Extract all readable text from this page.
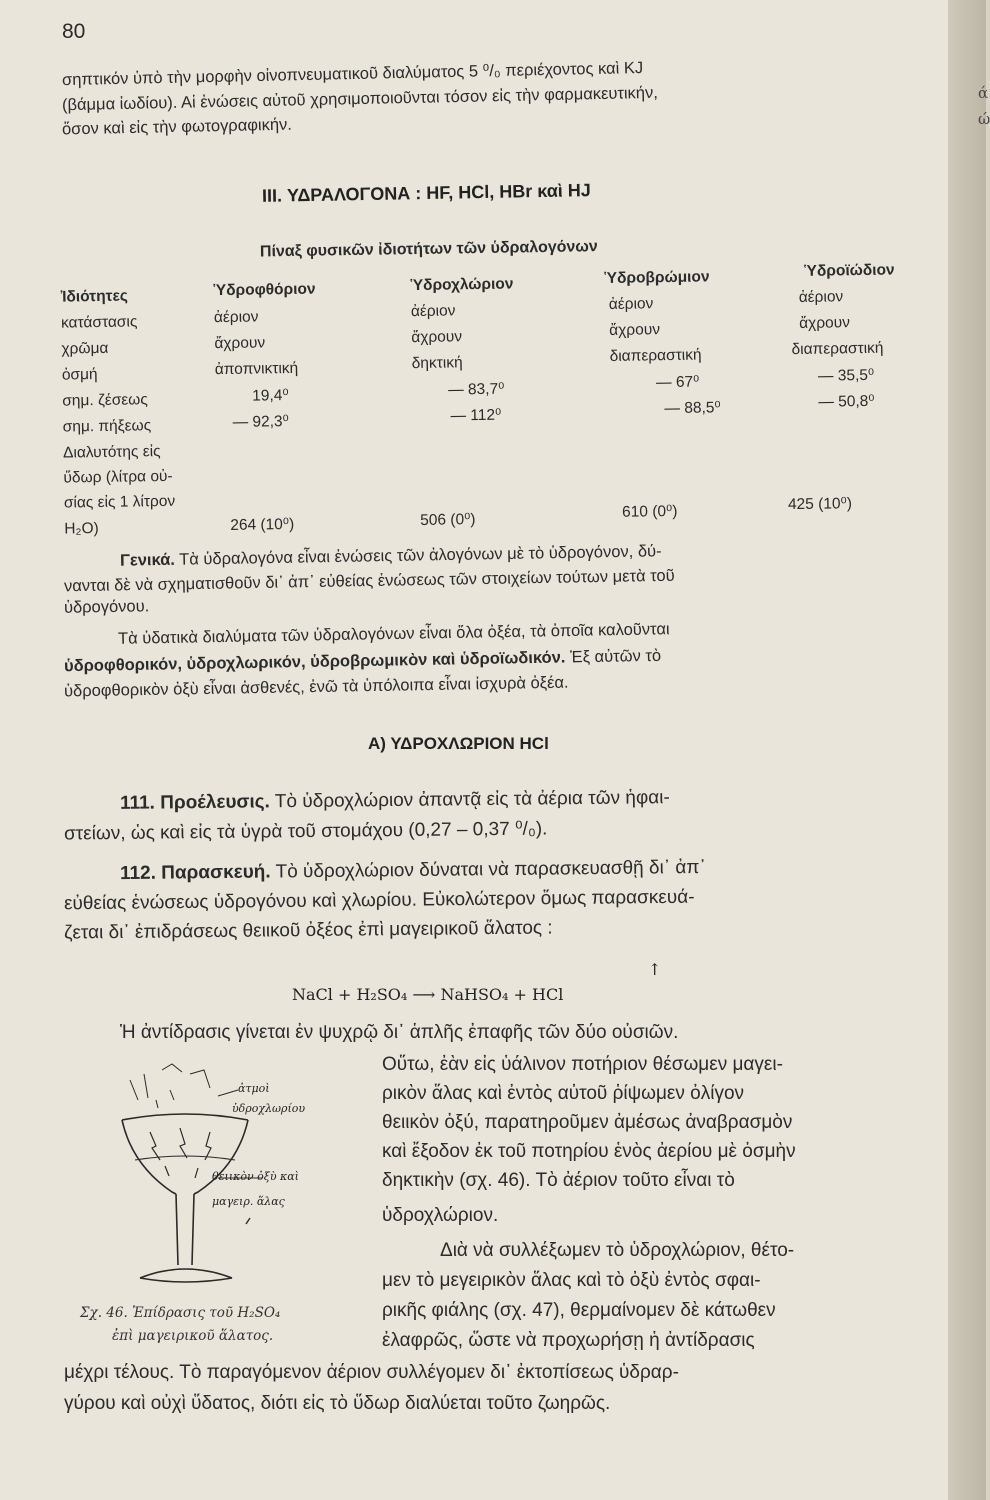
80
σηπτικόν ὑπὸ τὴν μορφὴν οἰνοπνευματικοῦ διαλύματος 5 ⁰/₀ περιέχοντος καὶ KJ
(βάμμα ἰωδίου). Αἱ ἐνώσεις αὐτοῦ χρησιμοποιοῦνται τόσον εἰς τὴν φαρμακευτικήν,
ὅσον καὶ εἰς τὴν φωτογραφικήν.
III. ΥΔΡΑΛΟΓΟΝΑ : HF, HCl, HBr καὶ HJ
Πίναξ φυσικῶν ἰδιοτήτων τῶν ὑδραλογόνων
Ἰδιότητες	Ὑδροφθόριον	Ὑδροχλώριον	Ὑδροβρώμιον	Ὑδροϊώδιον
κατάστασις	ἀέριον	ἀέριον	ἀέριον	ἀέριον
χρῶμα	ἄχρουν	ἄχρουν	ἄχρουν	ἄχρουν
ὀσμή	ἀποπνικτική	δηκτική	διαπεραστική	διαπεραστική
σημ. ζέσεως	19,4⁰	— 83,7⁰	— 67⁰	— 35,5⁰
σημ. πήξεως	— 92,3⁰	— 112⁰	— 88,5⁰	— 50,8⁰
Διαλυτότης εἰς
ὕδωρ (λίτρα οὐ-
σίας εἰς 1 λίτρον
H₂O)	264 (10⁰)	506 (0⁰)	610 (0⁰)	425 (10⁰)
Γενικά. Τὰ ὑδραλογόνα εἶναι ἐνώσεις τῶν ἀλογόνων μὲ τὸ ὑδρογόνον, δύ-
νανται δὲ νὰ σχηματισθοῦν δι᾽ ἀπ᾽ εὐθείας ἑνώσεως τῶν στοιχείων τούτων μετὰ τοῦ
ὑδρογόνου.
Τὰ ὑδατικὰ διαλύματα τῶν ὑδραλογόνων εἶναι ὅλα ὀξέα, τὰ ὁποῖα καλοῦνται
ὑδροφθορικόν, ὑδροχλωρικόν, ὑδροβρωμικὸν καὶ ὑδροϊωδικόν. Ἐξ αὐτῶν τὸ
ὑδροφθορικὸν ὀξὺ εἶναι ἀσθενές, ἐνῶ τὰ ὑπόλοιπα εἶναι ἰσχυρὰ ὀξέα.
Α) ΥΔΡΟΧΛΩΡΙΟΝ HCl
111. Προέλευσις. Τὸ ὑδροχλώριον ἀπαντᾷ εἰς τὰ ἀέρια τῶν ἡφαι-
στείων, ὡς καὶ εἰς τὰ ὑγρὰ τοῦ στομάχου (0,27 – 0,37 ⁰/₀).
112. Παρασκευή. Τὸ ὑδροχλώριον δύναται νὰ παρασκευασθῇ δι᾽ ἀπ᾽
εὐθείας ἑνώσεως ὑδρογόνου καὶ χλωρίου. Εὐκολώτερον ὅμως παρασκευά-
ζεται δι᾽ ἐπιδράσεως θειικοῦ ὀξέος ἐπὶ μαγειρικοῦ ἅλατος :
NaCl + H₂SO₄ ⟶ NaHSO₄ + HCl
↑
Ἡ ἀντίδρασις γίνεται ἐν ψυχρῷ δι᾽ ἁπλῆς ἐπαφῆς τῶν δύο οὐσιῶν.
Οὕτω, ἐὰν εἰς ὑάλινον ποτήριον θέσωμεν μαγει-
ρικὸν ἅλας καὶ ἐντὸς αὐτοῦ ῥίψωμεν ὀλίγον
θειικὸν ὀξύ, παρατηροῦμεν ἀμέσως ἀναβρασμὸν
καὶ ἔξοδον ἐκ τοῦ ποτηρίου ἑνὸς ἀερίου μὲ ὀσμὴν
δηκτικὴν (σχ. 46). Τὸ ἀέριον τοῦτο εἶναι τὸ
ὑδροχλώριον.
Διὰ νὰ συλλέξωμεν τὸ ὑδροχλώριον, θέτο-
μεν τὸ μεγειρικὸν ἅλας καὶ τὸ ὀξὺ ἐντὸς σφαι-
ρικῆς φιάλης (σχ. 47), θερμαίνομεν δὲ κάτωθεν
ἐλαφρῶς, ὥστε νὰ προχωρήσῃ ἡ ἀντίδρασις
μέχρι τέλους. Τὸ παραγόμενον ἀέριον συλλέγομεν δι᾽ ἐκτοπίσεως ὑδραρ-
γύρου καὶ οὐχὶ ὕδατος, διότι εἰς τὸ ὕδωρ διαλύεται τοῦτο ζωηρῶς.
ἀτμοὶ
ὑδροχλωρίου
θειικὸν ὀξὺ καὶ
μαγειρ. ἅλας
Σχ. 46. Ἐπίδρασις τοῦ H₂SO₄
ἐπὶ μαγειρικοῦ ἅλατος.
ά
ώ
